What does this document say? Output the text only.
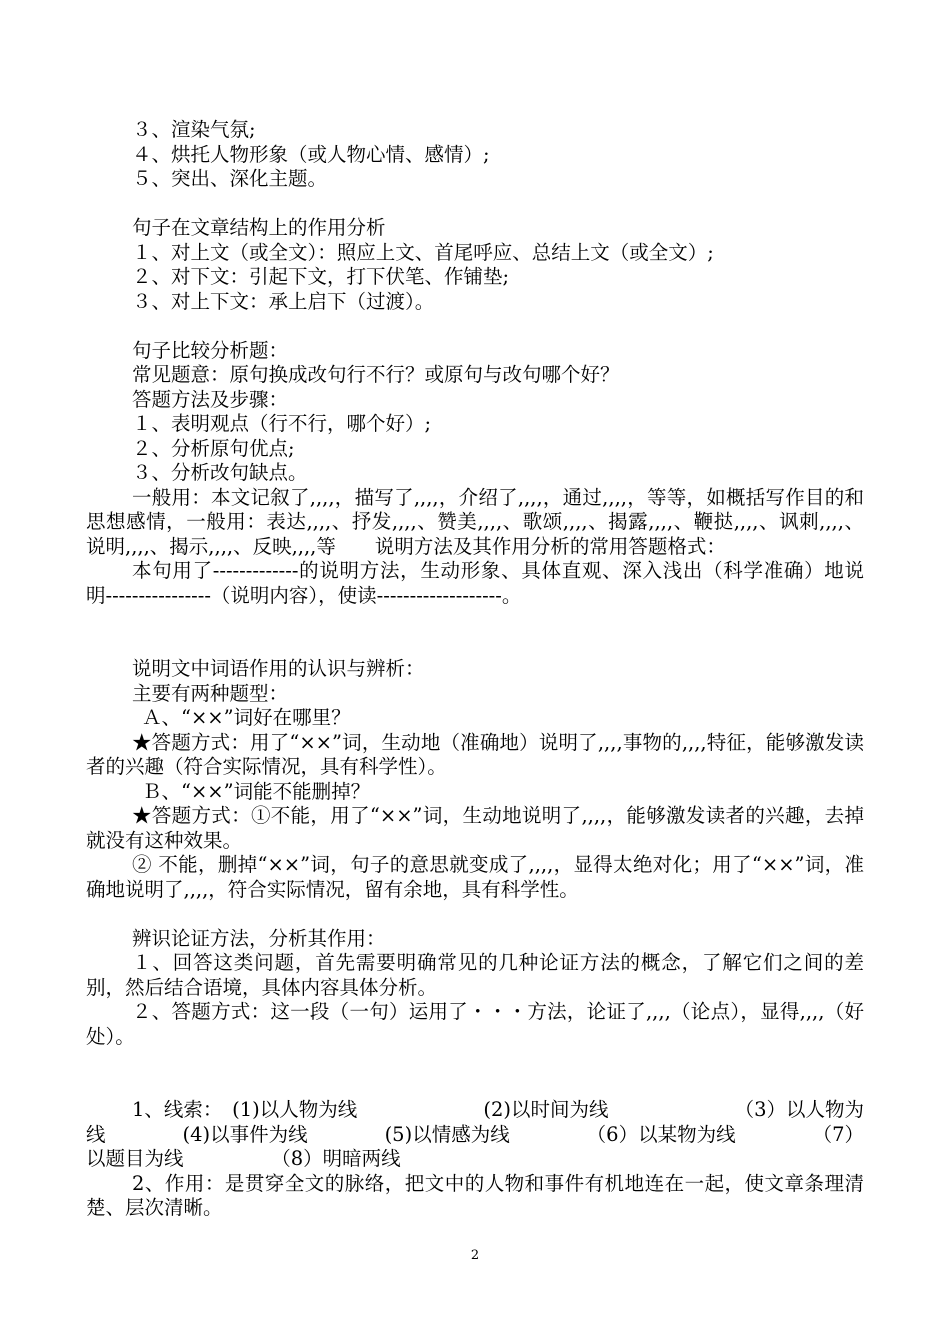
３、渲染气氛;

４、烘托人物形象（或人物心情、感情）;

５、突出、深化主题。

句子在文章结构上的作用分析

１、对上文（或全文）：照应上文、首尾呼应、总结上文（或全文）;

２、对下文：引起下文，打下伏笔、作铺垫;

３、对上下文：承上启下（过渡）。

句子比较分析题：

常见题意：原句换成改句行不行？或原句与改句哪个好？

答题方法及步骤：

１、表明观点（行不行，哪个好）;

２、分析原句优点;

３、分析改句缺点。

一般用：本文记叙了,,,,，描写了,,,,，介绍了,,,,，通过,,,,，等等，如概括写作目的和思想感情，一般用：表达,,,,、抒发,,,,、赞美,,,,、歌颂,,,,、揭露,,,,、鞭挞,,,,、讽刺,,,,、说明,,,,、揭示,,,,、反映,,,,等　　说明方法及其作用分析的常用答题格式：

本句用了-------------的说明方法，生动形象、具体直观、深入浅出（科学准确）地说明----------------（说明内容），使读-------------------。

说明文中词语作用的认识与辨析：

主要有两种题型：

Ａ、“××”词好在哪里？

★答题方式：用了“××”词，生动地（准确地）说明了,,,,事物的,,,,特征，能够激发读者的兴趣（符合实际情况，具有科学性）。

Ｂ、“××”词能不能删掉？

★答题方式：①不能，用了“××”词，生动地说明了,,,,，能够激发读者的兴趣，去掉就没有这种效果。

② 不能，删掉“××”词，句子的意思就变成了,,,,，显得太绝对化；用了“××”词，准确地说明了,,,,，符合实际情况，留有余地，具有科学性。

辨识论证方法，分析其作用：

１、回答这类问题，首先需要明确常见的几种论证方法的概念，了解它们之间的差别，然后结合语境，具体内容具体分析。

２、答题方式：这一段（一句）运用了・・・方法，论证了,,,,（论点），显得,,,,（好处）。

1、线索：　(1)以人物为线	(2)以时间为线	（3）以人物为
线	(4)以事件为线	(5)以情感为线	（6）以某物为线	（7）

以题目为线　　　　　（8）明暗两线

2、作用：是贯穿全文的脉络，把文中的人物和事件有机地连在一起，使文章条理清楚、层次清晰。

2
